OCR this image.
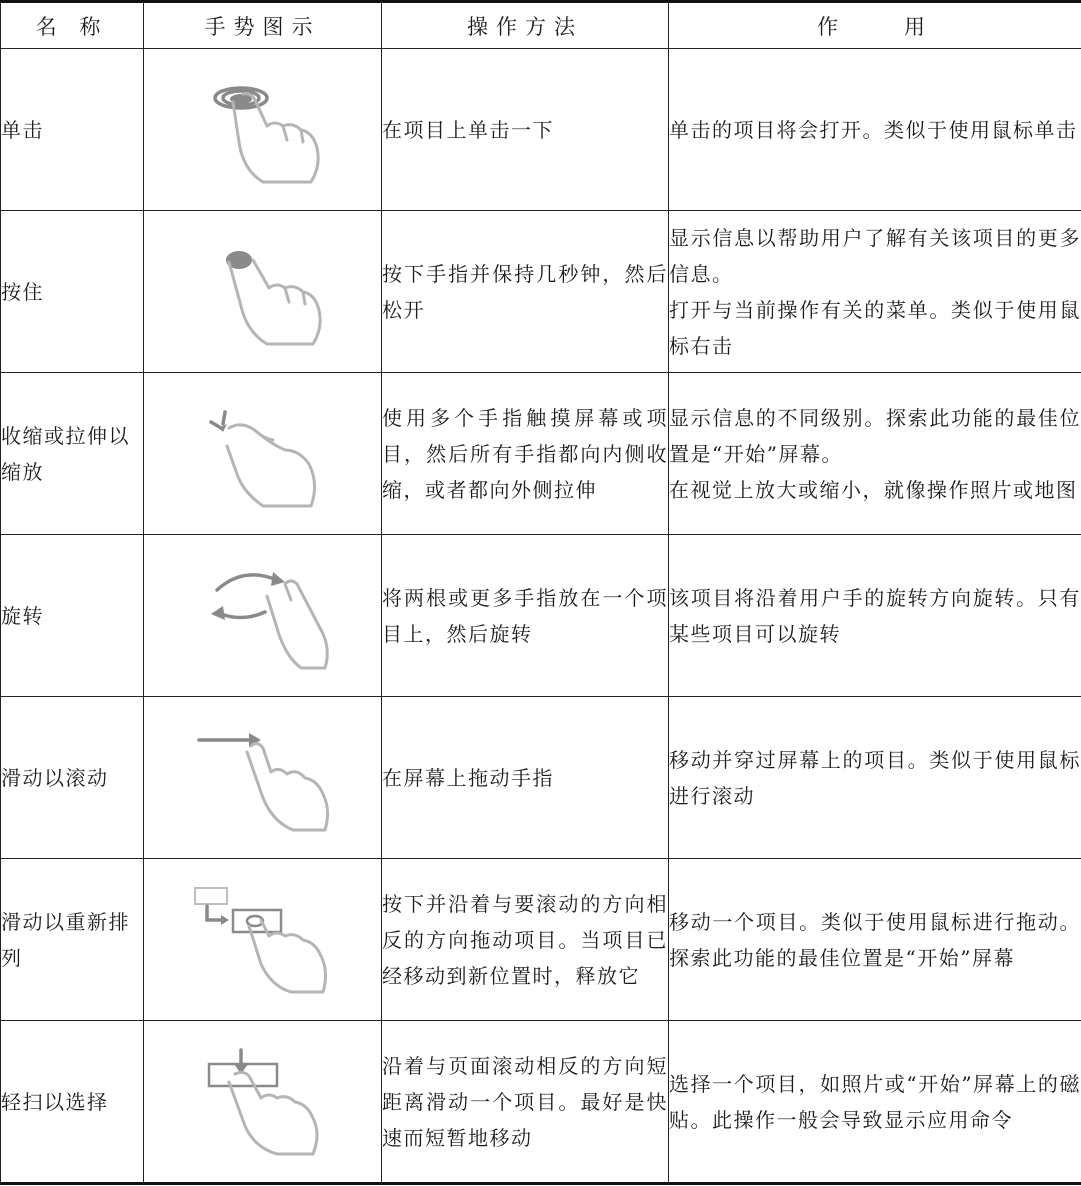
名 称	手势图示	操作方法	作　　用
单击		在项目上单击一下	单击的项目将会打开。类似于使用鼠标单击

按住		按下手指并保持几秒钟，然后松开	显示信息以帮助用户了解有关该项目的更多信息。
打开与当前操作有关的菜单。类似于使用鼠标右击

收缩或拉伸以缩放		使用多个手指触摸屏幕或项目，然后所有手指都向内侧收缩，或者都向外侧拉伸	显示信息的不同级别。探索此功能的最佳位置是“开始”屏幕。
在视觉上放大或缩小，就像操作照片或地图

旋转		将两根或更多手指放在一个项目上，然后旋转	该项目将沿着用户手的旋转方向旋转。只有某些项目可以旋转

滑动以滚动		在屏幕上拖动手指	移动并穿过屏幕上的项目。类似于使用鼠标进行滚动

滑动以重新排列		按下并沿着与要滚动的方向相反的方向拖动项目。当项目已经移动到新位置时，释放它	移动一个项目。类似于使用鼠标进行拖动。探索此功能的最佳位置是“开始”屏幕

轻扫以选择		沿着与页面滚动相反的方向短距离滑动一个项目。最好是快速而短暂地移动	选择一个项目，如照片或“开始”屏幕上的磁贴。此操作一般会导致显示应用命令
